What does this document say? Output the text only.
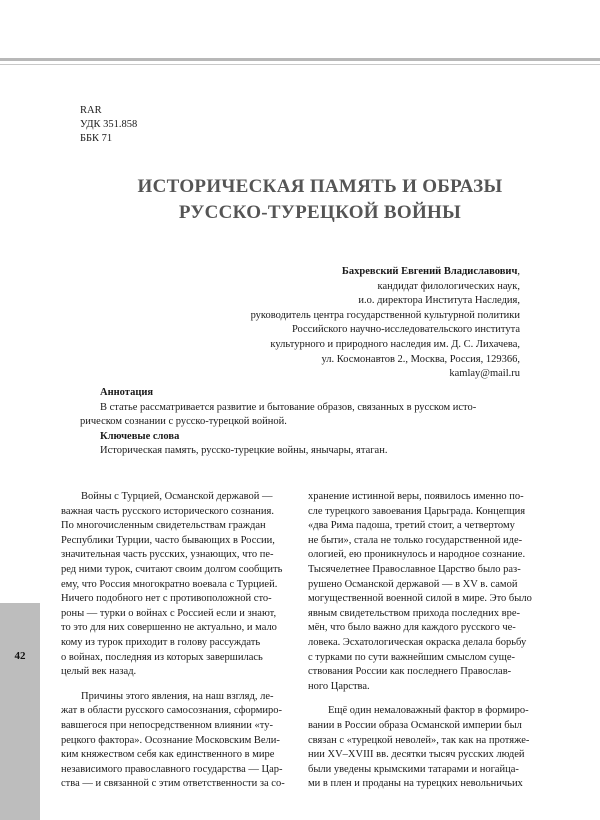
42
RAR
УДК 351.858
ББК 71
ИСТОРИЧЕСКАЯ ПАМЯТЬ И ОБРАЗЫ
РУССКО-ТУРЕЦКОЙ ВОЙНЫ
Бахревский Евгений Владиславович,
кандидат филологических наук,
и.о. директора Института Наследия,
руководитель центра государственной культурной политики
Российского научно-исследовательского института
культурного и природного наследия им. Д. С. Лихачева,
ул. Космонавтов 2., Москва, Россия, 129366,
kamlay@mail.ru
Аннотация
В статье рассматривается развитие и бытование образов, связанных в русском исто-
рическом сознании с русско-турецкой войной.
Ключевые слова
Историческая память, русско-турецкие войны, янычары, ятаган.
Войны с Турцией, Османской державой —
важная часть русского исторического сознания.
По многочисленным свидетельствам граждан
Республики Турции, часто бывающих в России,
значительная часть русских, узнающих, что пе-
ред ними турок, считают своим долгом сообщить
ему, что Россия многократно воевала с Турцией.
Ничего подобного нет с противоположной сто-
роны — турки о войнах с Россией если и знают,
то это для них совершенно не актуально, и мало
кому из турок приходит в голову рассуждать
о войнах, последняя из которых завершилась
целый век назад.
Причины этого явления, на наш взгляд, ле-
жат в области русского самосознания, сформиро-
вавшегося при непосредственном влиянии «ту-
рецкого фактора». Осознание Московским Вели-
ким княжеством себя как единственного в мире
независимого православного государства — Цар-
ства — и связанной с этим ответственности за со-
хранение истинной веры, появилось именно по-
сле турецкого завоевания Царьграда. Концепция
«два Рима падоша, третий стоит, а четвертому
не быти», стала не только государственной иде-
ологией, ею проникнулось и народное сознание.
Тысячелетнее Православное Царство было раз-
рушено Османской державой — в XV в. самой
могущественной военной силой в мире. Это было
явным свидетельством прихода последних вре-
мён, что было важно для каждого русского че-
ловека. Эсхатологическая окраска делала борьбу
с турками по сути важнейшим смыслом суще-
ствования России как последнего Православ-
ного Царства.
Ещё один немаловажный фактор в формиро-
вании в России образа Османской империи был
связан с «турецкой неволей», так как на протяже-
нии XV–XVIII вв. десятки тысяч русских людей
были уведены крымскими татарами и ногайца-
ми в плен и проданы на турецких невольничьих
